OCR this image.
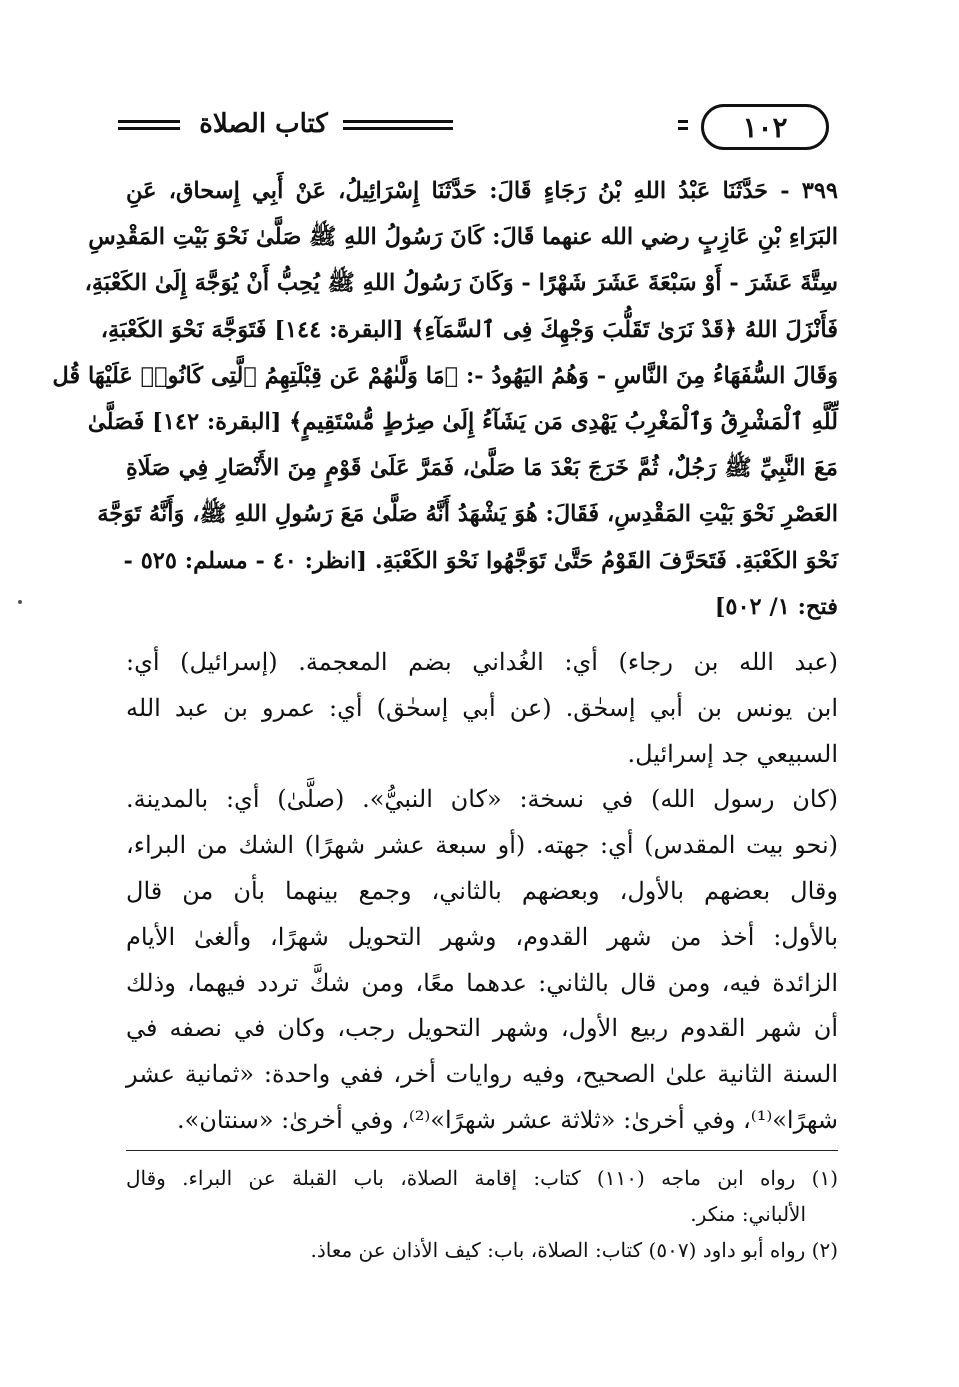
كتاب الصلاة	١٠٢
٣٩٩ - حَدَّثَنَا عَبْدُ اللهِ بْنُ رَجَاءٍ قَالَ: حَدَّثَنَا إِسْرَائِيلُ، عَنْ أَبِي إِسحاق، عَنِ
البَرَاءِ بْنِ عَازِبٍ رضي الله عنهما قَالَ: كَانَ رَسُولُ اللهِ ﷺ صَلَّىٰ نَحْوَ بَيْتِ المَقْدِسِ
سِتَّةَ عَشَرَ - أَوْ سَبْعَةَ عَشَرَ شَهْرًا - وَكَانَ رَسُولُ اللهِ ﷺ يُحِبُّ أَنْ يُوَجَّهَ إِلَىٰ الكَعْبَةِ،
فَأَنْزَلَ اللهُ ﴿قَدْ نَرَىٰ تَقَلُّبَ وَجْهِكَ فِى ٱلسَّمَآءِ﴾ [البقرة: ١٤٤] فَتَوَجَّهَ نَحْوَ الكَعْبَةِ،
وَقَالَ السُّفَهَاءُ مِنَ النَّاسِ - وَهُمُ اليَهُودُ -: ﴿مَا وَلَّىٰهُمْ عَن قِبْلَتِهِمُ ٱلَّتِى كَانُوا۟ عَلَيْهَا قُل
لِّلَّهِ ٱلْمَشْرِقُ وَٱلْمَغْرِبُ يَهْدِى مَن يَشَآءُ إِلَىٰ صِرَٰطٍ مُّسْتَقِيمٍ﴾ [البقرة: ١٤٢] فَصَلَّىٰ
مَعَ النَّبِيِّ ﷺ رَجُلٌ، ثُمَّ خَرَجَ بَعْدَ مَا صَلَّىٰ، فَمَرَّ عَلَىٰ قَوْمٍ مِنَ الأَنْصَارِ فِي صَلَاةِ
العَصْرِ نَحْوَ بَيْتِ المَقْدِسِ، فَقَالَ: هُوَ يَشْهَدُ أَنَّهُ صَلَّىٰ مَعَ رَسُولِ اللهِ ﷺ، وَأَنَّهُ تَوَجَّهَ
نَحْوَ الكَعْبَةِ. فَتَحَرَّفَ القَوْمُ حَتَّىٰ تَوَجَّهُوا نَحْوَ الكَعْبَةِ. [انظر: ٤٠ - مسلم: ٥٢٥ -
فتح: ١/ ٥٠٢]
(عبد الله بن رجاء) أي: الغُداني بضم المعجمة. (إسرائيل) أي:
ابن يونس بن أبي إسحٰق. (عن أبي إسحٰق) أي: عمرو بن عبد الله
السبيعي جد إسرائيل.
(كان رسول الله) في نسخة: «كان النبيُّ». (صلَّىٰ) أي: بالمدينة.
(نحو بيت المقدس) أي: جهته. (أو سبعة عشر شهرًا) الشك من البراء،
وقال بعضهم بالأول، وبعضهم بالثاني، وجمع بينهما بأن من قال
بالأول: أخذ من شهر القدوم، وشهر التحويل شهرًا، وألغىٰ الأيام
الزائدة فيه، ومن قال بالثاني: عدهما معًا، ومن شكَّ تردد فيهما، وذلك
أن شهر القدوم ربيع الأول، وشهر التحويل رجب، وكان في نصفه في
السنة الثانية علىٰ الصحيح، وفيه روايات أخر، ففي واحدة: «ثمانية عشر
شهرًا»⁽¹⁾، وفي أخرىٰ: «ثلاثة عشر شهرًا»⁽²⁾، وفي أخرىٰ: «سنتان».
(١) رواه ابن ماجه (١١٠) كتاب: إقامة الصلاة، باب القبلة عن البراء. وقال
الألباني: منكر.
(٢) رواه أبو داود (٥٠٧) كتاب: الصلاة، باب: كيف الأذان عن معاذ.
